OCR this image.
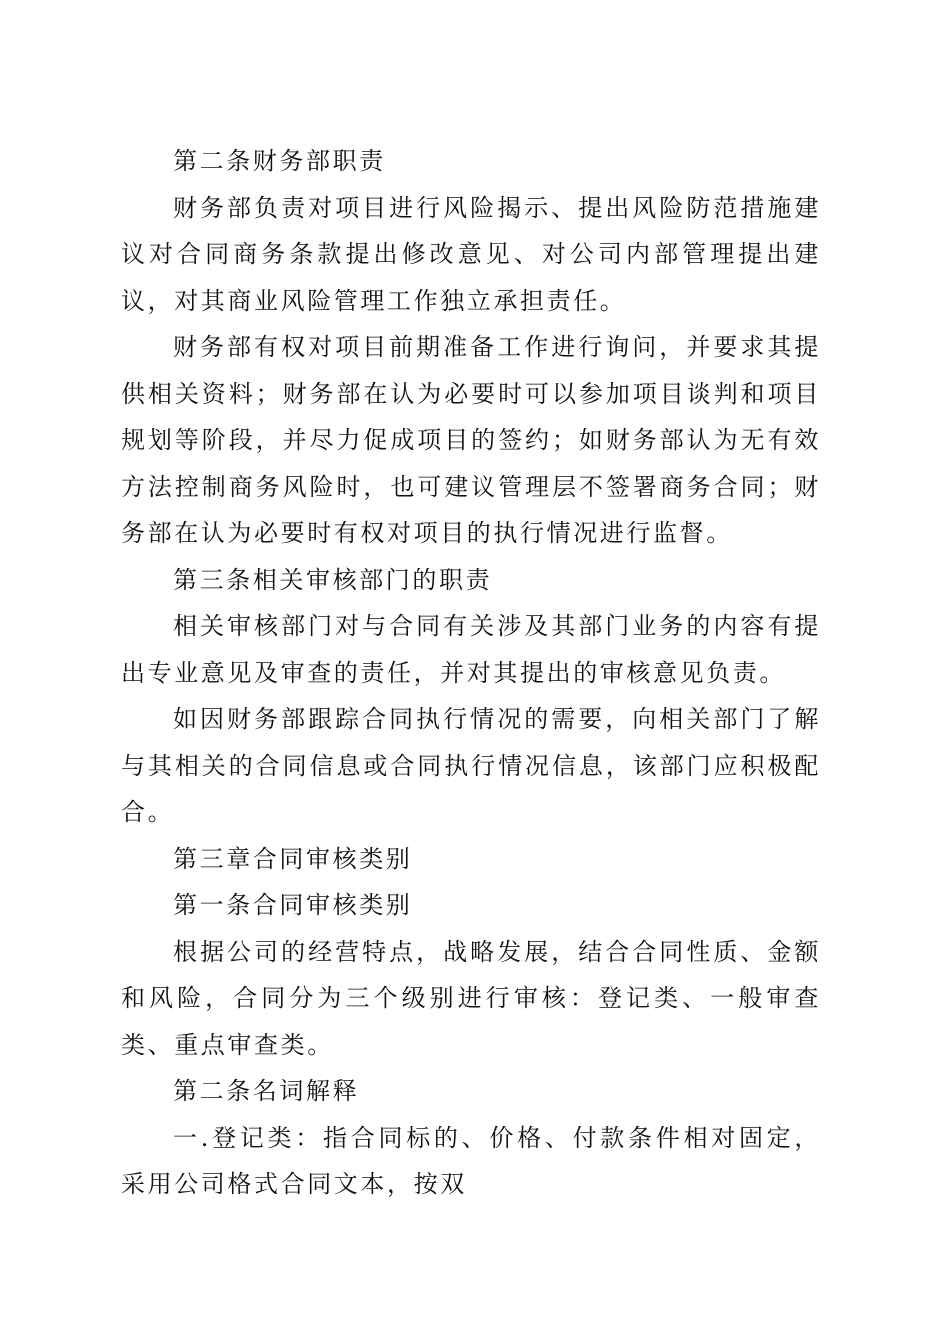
第二条财务部职责

财务部负责对项目进行风险揭示、提出风险防范措施建议对合同商务条款提出修改意见、对公司内部管理提出建议，对其商业风险管理工作独立承担责任。

财务部有权对项目前期准备工作进行询问，并要求其提供相关资料；财务部在认为必要时可以参加项目谈判和项目规划等阶段，并尽力促成项目的签约；如财务部认为无有效方法控制商务风险时，也可建议管理层不签署商务合同；财务部在认为必要时有权对项目的执行情况进行监督。

第三条相关审核部门的职责

相关审核部门对与合同有关涉及其部门业务的内容有提出专业意见及审查的责任，并对其提出的审核意见负责。

如因财务部跟踪合同执行情况的需要，向相关部门了解与其相关的合同信息或合同执行情况信息，该部门应积极配合。

第三章合同审核类别

第一条合同审核类别

根据公司的经营特点，战略发展，结合合同性质、金额和风险，合同分为三个级别进行审核：登记类、一般审查类、重点审查类。

第二条名词解释

一.登记类：指合同标的、价格、付款条件相对固定，采用公司格式合同文本，按双
